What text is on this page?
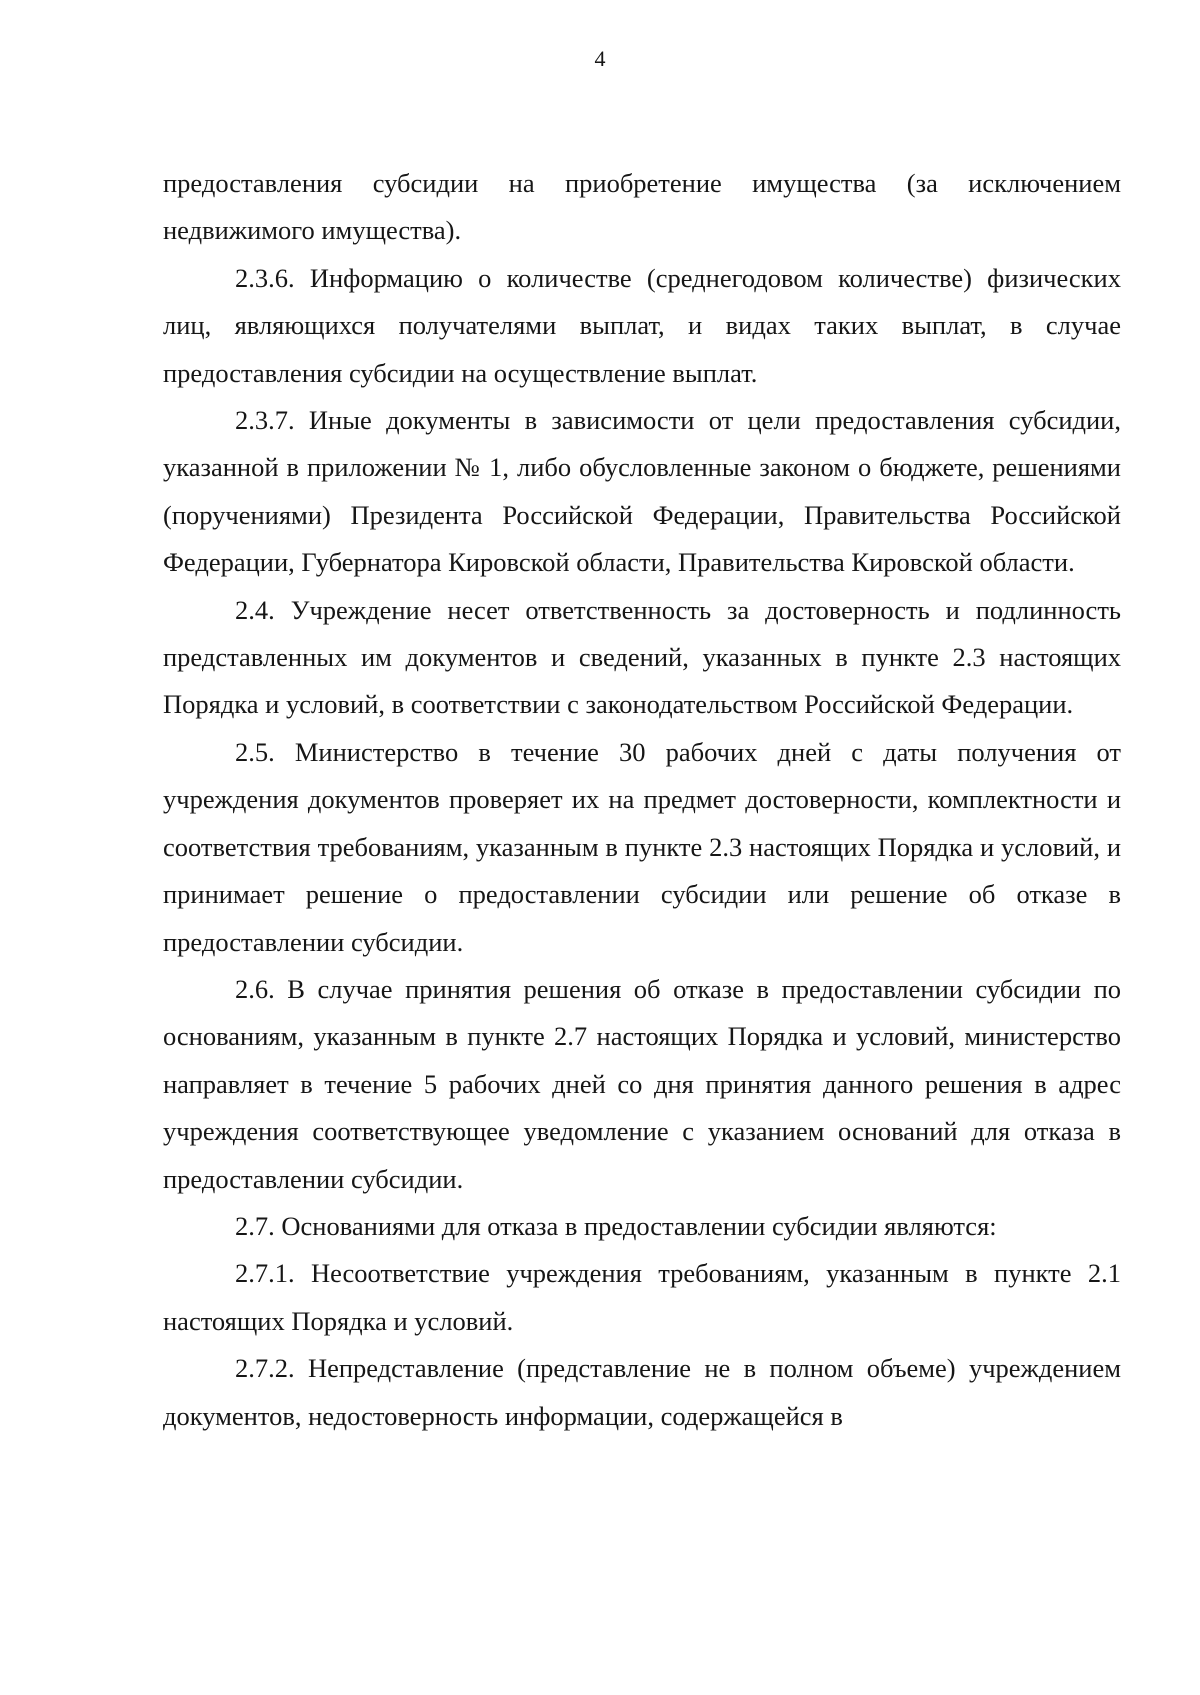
4

предоставления субсидии на приобретение имущества (за исключением недвижимого имущества).

2.3.6. Информацию о количестве (среднегодовом количестве) физических лиц, являющихся получателями выплат, и видах таких выплат, в случае предоставления субсидии на осуществление выплат.

2.3.7. Иные документы в зависимости от цели предоставления субсидии, указанной в приложении № 1, либо обусловленные законом о бюджете, решениями (поручениями) Президента Российской Федерации, Правительства Российской Федерации, Губернатора Кировской области, Правительства Кировской области.

2.4. Учреждение несет ответственность за достоверность и подлинность представленных им документов и сведений, указанных в пункте 2.3 настоящих Порядка и условий, в соответствии с законодательством Российской Федерации.

2.5. Министерство в течение 30 рабочих дней с даты получения от учреждения документов проверяет их на предмет достоверности, комплектности и соответствия требованиям, указанным в пункте 2.3 настоящих Порядка и условий, и принимает решение о предоставлении субсидии или решение об отказе в предоставлении субсидии.

2.6. В случае принятия решения об отказе в предоставлении субсидии по основаниям, указанным в пункте 2.7 настоящих Порядка и условий, министерство направляет в течение 5 рабочих дней со дня принятия данного решения в адрес учреждения соответствующее уведомление с указанием оснований для отказа в предоставлении субсидии.

2.7. Основаниями для отказа в предоставлении субсидии являются:

2.7.1. Несоответствие учреждения требованиям, указанным в пункте 2.1 настоящих Порядка и условий.

2.7.2. Непредставление (представление не в полном объеме) учреждением документов, недостоверность информации, содержащейся в
